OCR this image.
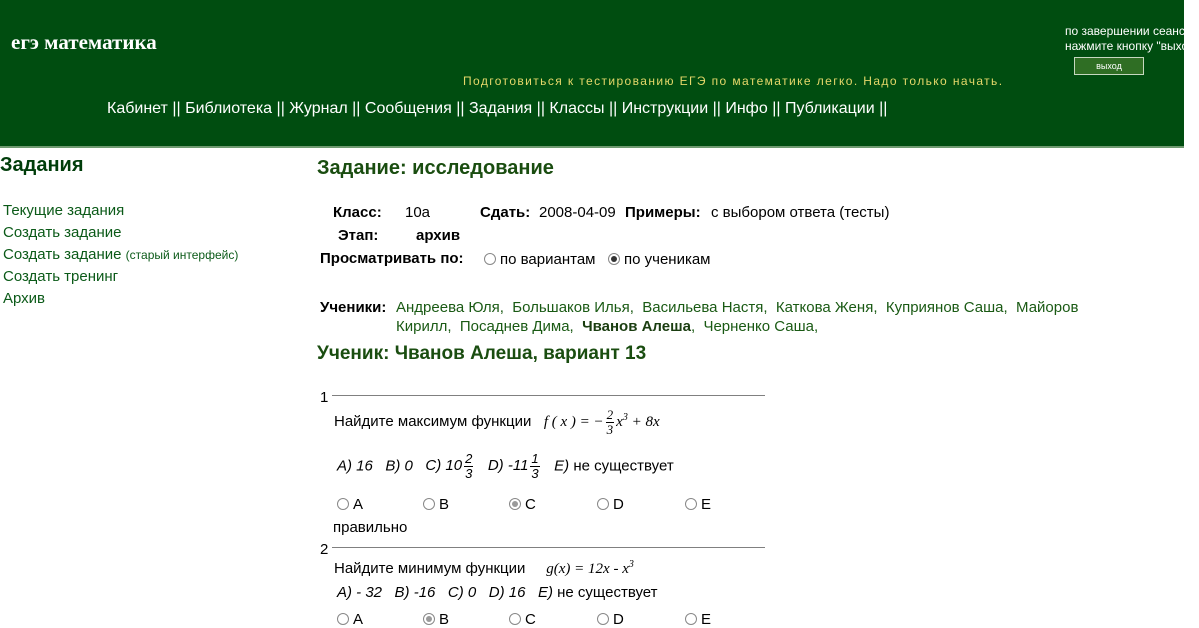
егэ математика
Подготовиться к тестированию ЕГЭ по математике легко. Надо только начать.
по завершении сеанса
нажмите кнопку "выход"
выход
Кабинет || Библиотека || Журнал || Сообщения || Задания || Классы || Инструкции || Инфо || Публикации ||
Задания
Текущие задания
Создать задание
Создать задание (старый интерфейс)
Создать тренинг
Архив
Задание: исследование
Класс: 10а	Сдать: 2008-04-09 Примеры: с выбором ответа (тесты)
Этап:	архив
Просматривать по:	по вариантам	по ученикам
Ученики: Андреева Юля,  Большаков Илья,  Васильева Настя,  Каткова Женя,  Куприянов Саша,  Майоров Кирилл,  Посаднев Дима,  Чванов Алеша,  Черненко Саша,
Ученик: Чванов Алеша, вариант 13
1
Найдите максимум функции f ( x ) = − $\frac{2}{3} x^3 + 8x$
A) 16 B) 0 C) $10 \frac{2}{3} D$) $-11 \frac{1}{3} E$) не существует
A	B	C	D	E
правильно
2
Найдите минимум функции $g(x) = 12x - x^3$
A) - 32 B) -16 C) 0 D) 16 E) не существует
A	B	C	D	E
